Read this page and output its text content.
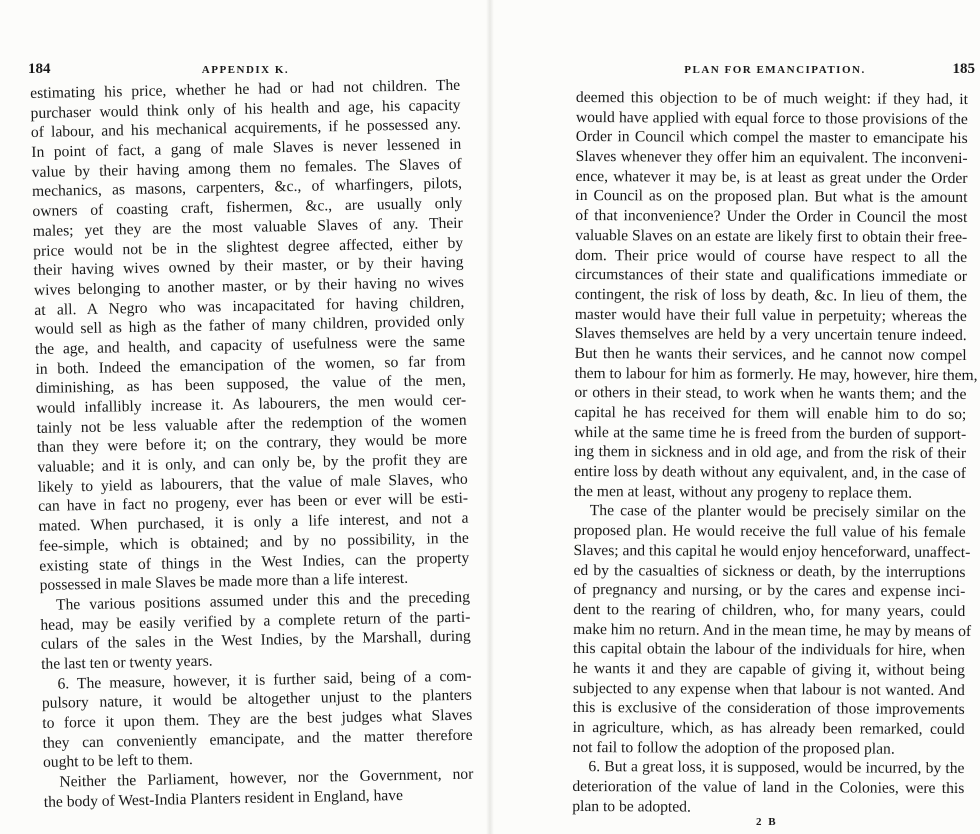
184	APPENDIX K.
estimating his price, whether he had or had not children. The
purchaser would think only of his health and age, his capacity
of labour, and his mechanical acquirements, if he possessed any.
In point of fact, a gang of male Slaves is never lessened in
value by their having among them no females. The Slaves of
mechanics, as masons, carpenters, &c., of wharfingers, pilots,
owners of coasting craft, fishermen, &c., are usually only
males; yet they are the most valuable Slaves of any. Their
price would not be in the slightest degree affected, either by
their having wives owned by their master, or by their having
wives belonging to another master, or by their having no wives
at all. A Negro who was incapacitated for having children,
would sell as high as the father of many children, provided only
the age, and health, and capacity of usefulness were the same
in both. Indeed the emancipation of the women, so far from
diminishing, as has been supposed, the value of the men,
would infallibly increase it. As labourers, the men would cer-
tainly not be less valuable after the redemption of the women
than they were before it; on the contrary, they would be more
valuable; and it is only, and can only be, by the profit they are
likely to yield as labourers, that the value of male Slaves, who
can have in fact no progeny, ever has been or ever will be esti-
mated. When purchased, it is only a life interest, and not a
fee-simple, which is obtained; and by no possibility, in the
existing state of things in the West Indies, can the property
possessed in male Slaves be made more than a life interest.
The various positions assumed under this and the preceding
head, may be easily verified by a complete return of the parti-
culars of the sales in the West Indies, by the Marshall, during
the last ten or twenty years.
6. The measure, however, it is further said, being of a com-
pulsory nature, it would be altogether unjust to the planters
to force it upon them. They are the best judges what Slaves
they can conveniently emancipate, and the matter therefore
ought to be left to them.
Neither the Parliament, however, nor the Government, nor
the body of West-India Planters resident in England, have
PLAN FOR EMANCIPATION.	185
deemed this objection to be of much weight: if they had, it
would have applied with equal force to those provisions of the
Order in Council which compel the master to emancipate his
Slaves whenever they offer him an equivalent. The inconveni-
ence, whatever it may be, is at least as great under the Order
in Council as on the proposed plan. But what is the amount
of that inconvenience? Under the Order in Council the most
valuable Slaves on an estate are likely first to obtain their free-
dom. Their price would of course have respect to all the
circumstances of their state and qualifications immediate or
contingent, the risk of loss by death, &c. In lieu of them, the
master would have their full value in perpetuity; whereas the
Slaves themselves are held by a very uncertain tenure indeed.
But then he wants their services, and he cannot now compel
them to labour for him as formerly. He may, however, hire them,
or others in their stead, to work when he wants them; and the
capital he has received for them will enable him to do so;
while at the same time he is freed from the burden of support-
ing them in sickness and in old age, and from the risk of their
entire loss by death without any equivalent, and, in the case of
the men at least, without any progeny to replace them.
The case of the planter would be precisely similar on the
proposed plan. He would receive the full value of his female
Slaves; and this capital he would enjoy henceforward, unaffect-
ed by the casualties of sickness or death, by the interruptions
of pregnancy and nursing, or by the cares and expense inci-
dent to the rearing of children, who, for many years, could
make him no return. And in the mean time, he may by means of
this capital obtain the labour of the individuals for hire, when
he wants it and they are capable of giving it, without being
subjected to any expense when that labour is not wanted. And
this is exclusive of the consideration of those improvements
in agriculture, which, as has already been remarked, could
not fail to follow the adoption of the proposed plan.
6. But a great loss, it is supposed, would be incurred, by the
deterioration of the value of land in the Colonies, were this
plan to be adopted.
2 B
